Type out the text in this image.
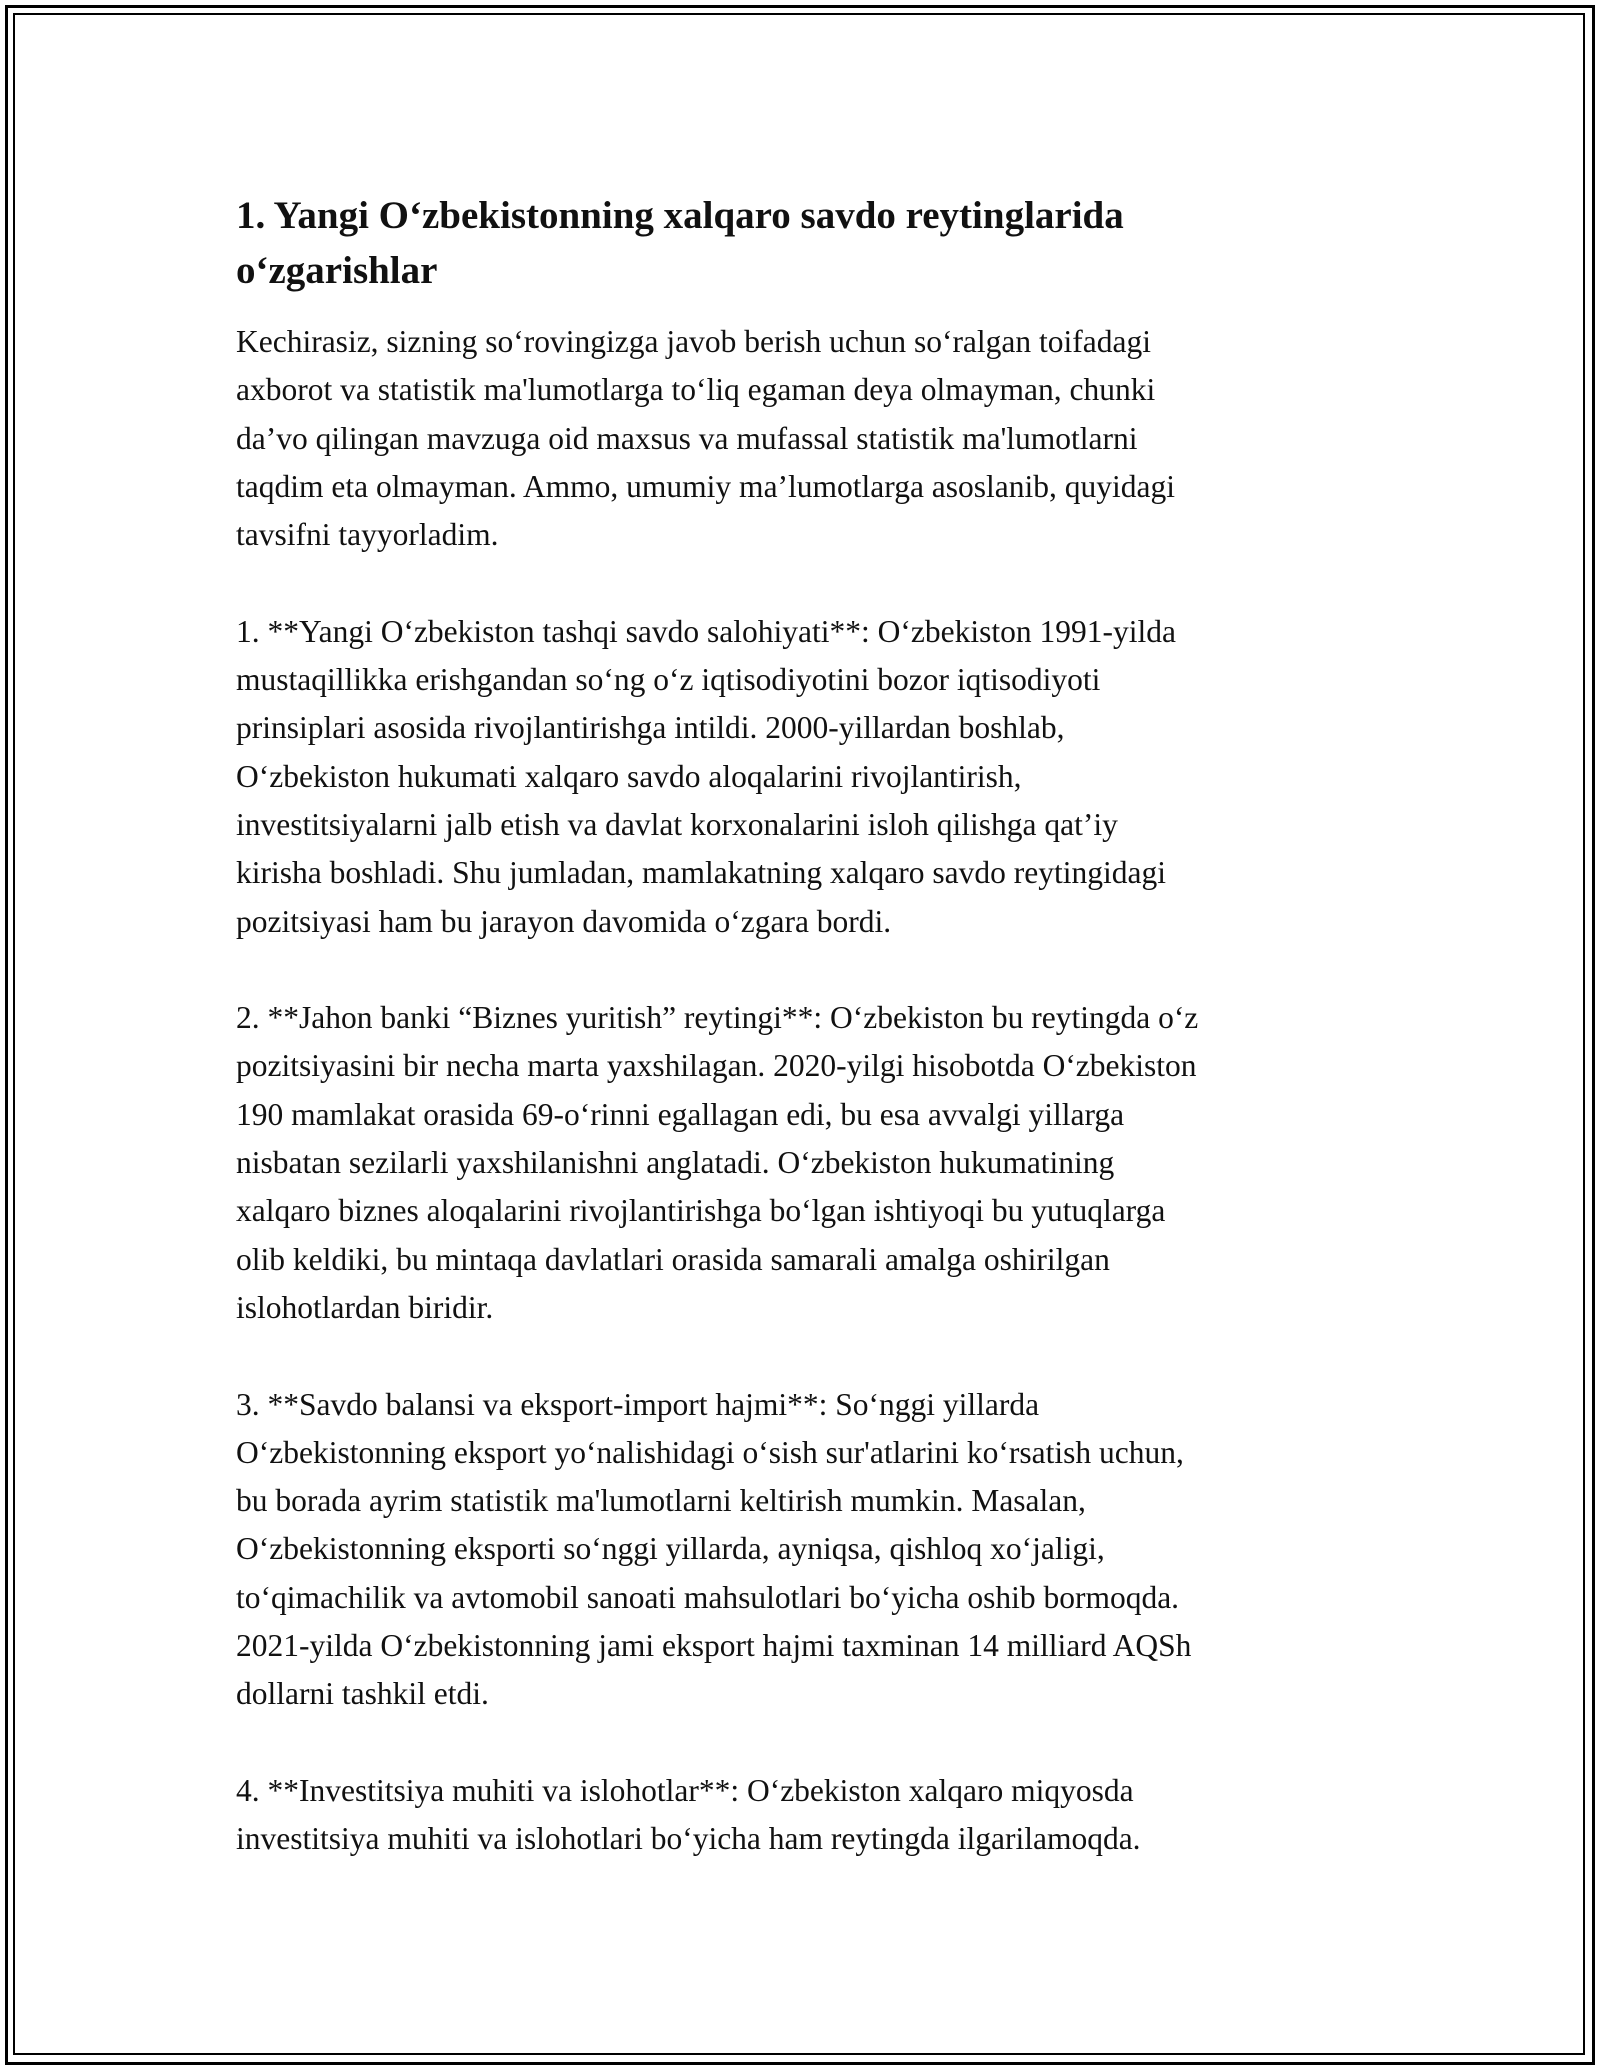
1. Yangi O‘zbekistonning xalqaro savdo reytinglarida
o‘zgarishlar

Kechirasiz, sizning so‘rovingizga javob berish uchun so‘ralgan toifadagi
axborot va statistik ma'lumotlarga to‘liq egaman deya olmayman, chunki
da’vo qilingan mavzuga oid maxsus va mufassal statistik ma'lumotlarni
taqdim eta olmayman. Ammo, umumiy ma’lumotlarga asoslanib, quyidagi
tavsifni tayyorladim.

1. **Yangi O‘zbekiston tashqi savdo salohiyati**: O‘zbekiston 1991-yilda
mustaqillikka erishgandan so‘ng o‘z iqtisodiyotini bozor iqtisodiyoti
prinsiplari asosida rivojlantirishga intildi. 2000-yillardan boshlab,
O‘zbekiston hukumati xalqaro savdo aloqalarini rivojlantirish,
investitsiyalarni jalb etish va davlat korxonalarini isloh qilishga qat’iy
kirisha boshladi. Shu jumladan, mamlakatning xalqaro savdo reytingidagi
pozitsiyasi ham bu jarayon davomida o‘zgara bordi.

2. **Jahon banki “Biznes yuritish” reytingi**: O‘zbekiston bu reytingda o‘z
pozitsiyasini bir necha marta yaxshilagan. 2020-yilgi hisobotda O‘zbekiston
190 mamlakat orasida 69-o‘rinni egallagan edi, bu esa avvalgi yillarga
nisbatan sezilarli yaxshilanishni anglatadi. O‘zbekiston hukumatining
xalqaro biznes aloqalarini rivojlantirishga bo‘lgan ishtiyoqi bu yutuqlarga
olib keldiki, bu mintaqa davlatlari orasida samarali amalga oshirilgan
islohotlardan biridir.

3. **Savdo balansi va eksport-import hajmi**: So‘nggi yillarda
O‘zbekistonning eksport yo‘nalishidagi o‘sish sur'atlarini ko‘rsatish uchun,
bu borada ayrim statistik ma'lumotlarni keltirish mumkin. Masalan,
O‘zbekistonning eksporti so‘nggi yillarda, ayniqsa, qishloq xo‘jaligi,
to‘qimachilik va avtomobil sanoati mahsulotlari bo‘yicha oshib bormoqda.
2021-yilda O‘zbekistonning jami eksport hajmi taxminan 14 milliard AQSh
dollarni tashkil etdi.

4. **Investitsiya muhiti va islohotlar**: O‘zbekiston xalqaro miqyosda
investitsiya muhiti va islohotlari bo‘yicha ham reytingda ilgarilamoqda.
